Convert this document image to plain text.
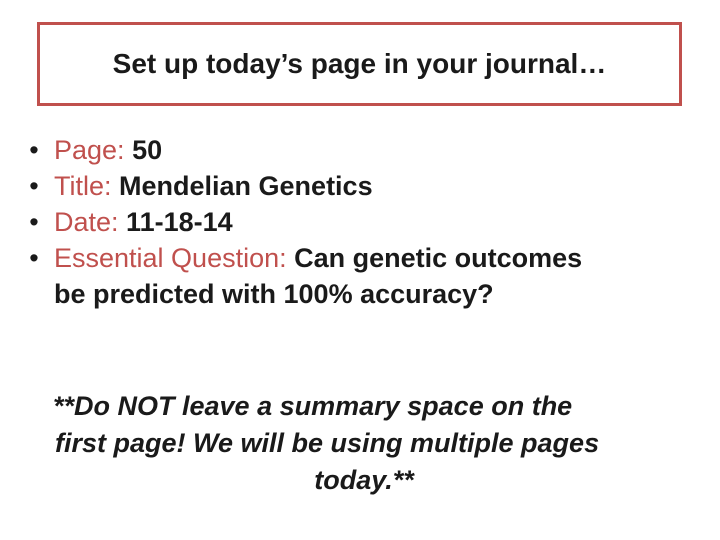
Set up today’s page in your journal…
• Page: 50
• Title: Mendelian Genetics
• Date: 11-18-14
• Essential Question: Can genetic outcomes
be predicted with 100% accuracy?
**Do NOT leave a summary space on the
first page! We will be using multiple pages
today.**
